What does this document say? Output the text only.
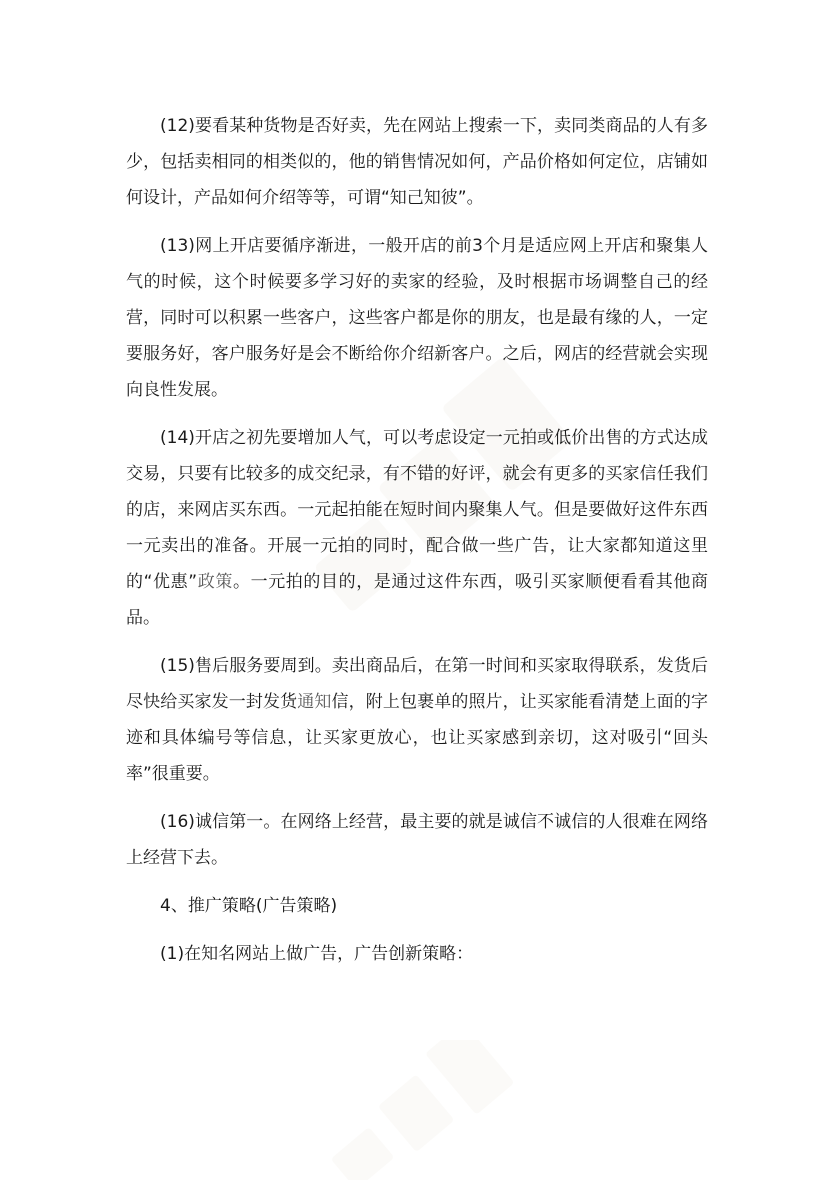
(12)要看某种货物是否好卖，先在网站上搜索一下，卖同类商品的人有多少，包括卖相同的相类似的，他的销售情况如何，产品价格如何定位，店铺如何设计，产品如何介绍等等，可谓“知己知彼”。

(13)网上开店要循序渐进，一般开店的前3个月是适应网上开店和聚集人气的时候，这个时候要多学习好的卖家的经验，及时根据市场调整自己的经营，同时可以积累一些客户，这些客户都是你的朋友，也是最有缘的人，一定要服务好，客户服务好是会不断给你介绍新客户。之后，网店的经营就会实现向良性发展。

(14)开店之初先要增加人气，可以考虑设定一元拍或低价出售的方式达成交易，只要有比较多的成交纪录，有不错的好评，就会有更多的买家信任我们的店，来网店买东西。一元起拍能在短时间内聚集人气。但是要做好这件东西一元卖出的准备。开展一元拍的同时，配合做一些广告，让大家都知道这里的“优惠”政策。一元拍的目的，是通过这件东西，吸引买家顺便看看其他商品。

(15)售后服务要周到。卖出商品后，在第一时间和买家取得联系，发货后尽快给买家发一封发货通知信，附上包裹单的照片，让买家能看清楚上面的字迹和具体编号等信息，让买家更放心，也让买家感到亲切，这对吸引“回头率”很重要。

(16)诚信第一。在网络上经营，最主要的就是诚信不诚信的人很难在网络上经营下去。

4、推广策略(广告策略)

(1)在知名网站上做广告，广告创新策略：
